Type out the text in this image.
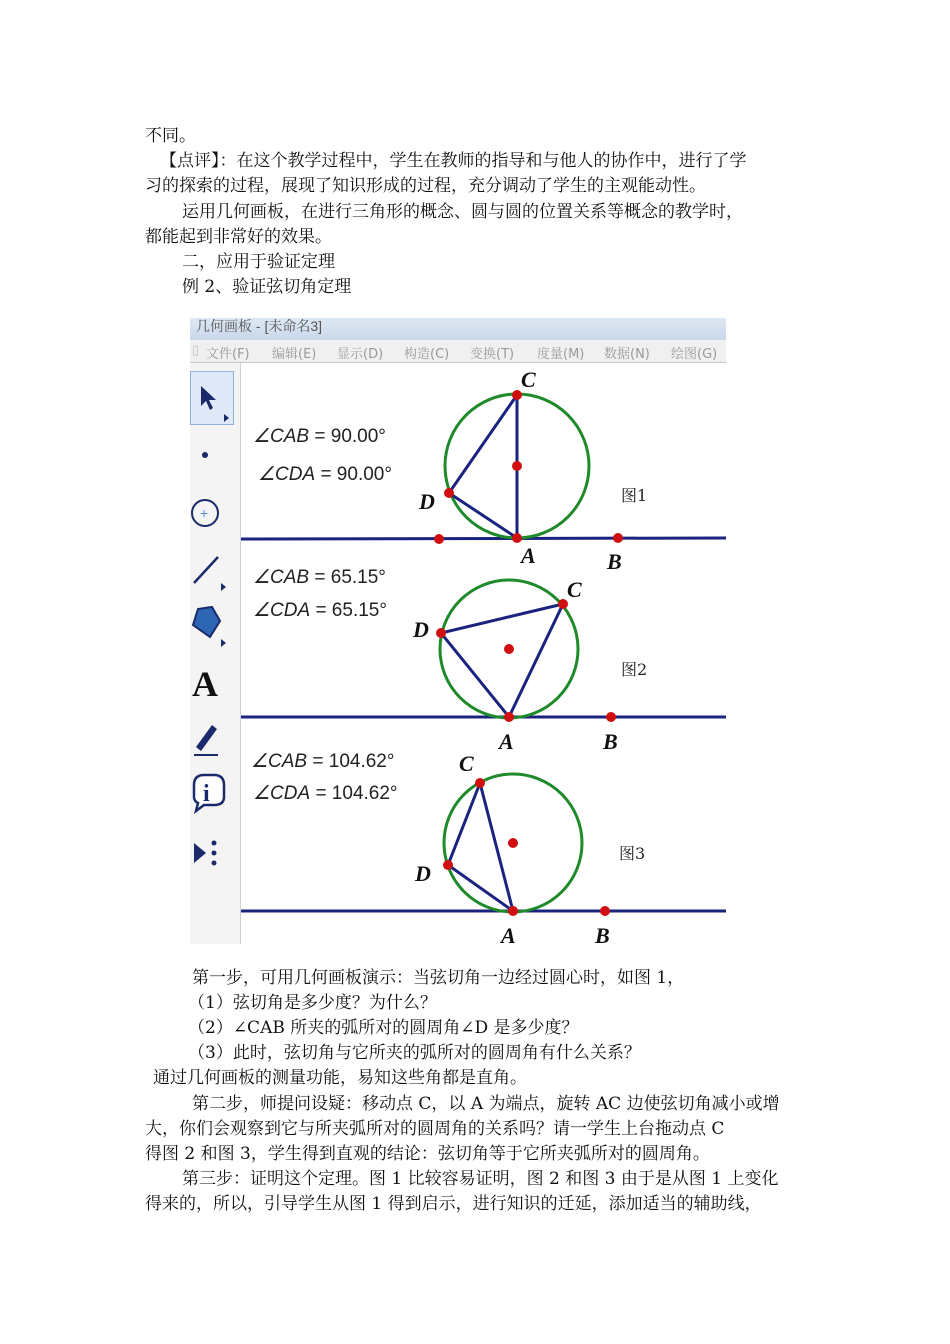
不同。
【点评】：在这个教学过程中，学生在教师的指导和与他人的协作中，进行了学
习的探索的过程，展现了知识形成的过程，充分调动了学生的主观能动性。
运用几何画板，在进行三角形的概念、圆与圆的位置关系等概念的教学时，
都能起到非常好的效果。
二，应用于验证定理
例 2、验证弦切角定理
几何画板 - [未命名3]
▯ 文件(F) 编辑(E) 显示(D) 构造(C) 变换(T) 度量(M) 数据(N) 绘图(G)
+
A
i
∠CAB = 90.00°
∠CDA = 90.00°
∠CAB = 65.15°
∠CDA = 65.15°
∠CAB = 104.62°
∠CDA = 104.62°
图1
图2
图3
C
D
A	B
C
D
A	B
C
D
A	B
第一步，可用几何画板演示：当弦切角一边经过圆心时，如图 1，
（1）弦切角是多少度？为什么？
（2）∠CAB 所夹的弧所对的圆周角∠D 是多少度？
（3）此时，弦切角与它所夹的弧所对的圆周角有什么关系？
通过几何画板的测量功能，易知这些角都是直角。
第二步，师提问设疑：移动点 C，以 A 为端点，旋转 AC 边使弦切角减小或增
大，你们会观察到它与所夹弧所对的圆周角的关系吗？请一学生上台拖动点 C
得图 2 和图 3，学生得到直观的结论：弦切角等于它所夹弧所对的圆周角。
第三步：证明这个定理。图 1 比较容易证明，图 2 和图 3 由于是从图 1 上变化
得来的，所以，引导学生从图 1 得到启示，进行知识的迁延，添加适当的辅助线，
